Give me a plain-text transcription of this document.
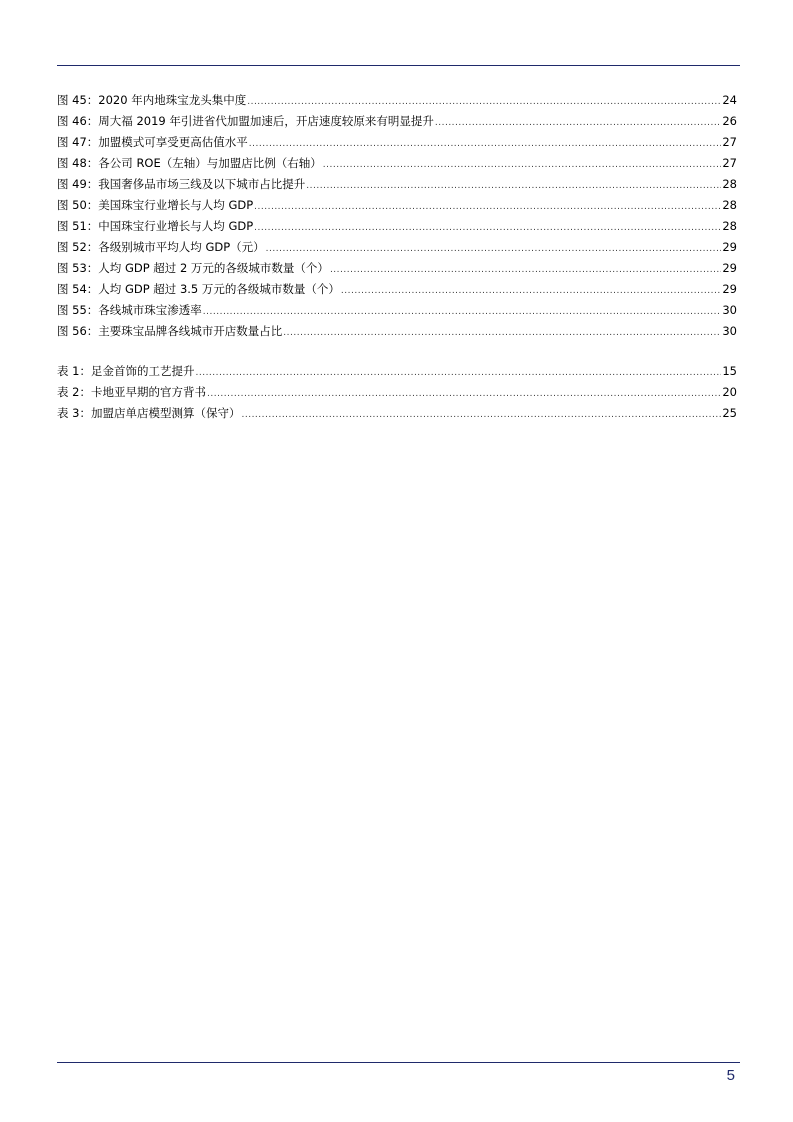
图 45：2020 年内地珠宝龙头集中度 .....	24
图 46：周大福 2019 年引进省代加盟加速后，开店速度较原来有明显提升 .....	26
图 47：加盟模式可享受更高估值水平 .....	27
图 48：各公司 ROE（左轴）与加盟店比例（右轴） .....	27
图 49：我国奢侈品市场三线及以下城市占比提升 .....	28
图 50：美国珠宝行业增长与人均 GDP .....	28
图 51：中国珠宝行业增长与人均 GDP .....	28
图 52：各级别城市平均人均 GDP（元） .....	29
图 53：人均 GDP 超过 2 万元的各级城市数量（个） .....	29
图 54：人均 GDP 超过 3.5 万元的各级城市数量（个） .....	29
图 55：各线城市珠宝渗透率 .....	30
图 56：主要珠宝品牌各线城市开店数量占比 .....	30
表 1：足金首饰的工艺提升 .....	15
表 2：卡地亚早期的官方背书 .....	20
表 3：加盟店单店模型测算（保守） .....	25
5
